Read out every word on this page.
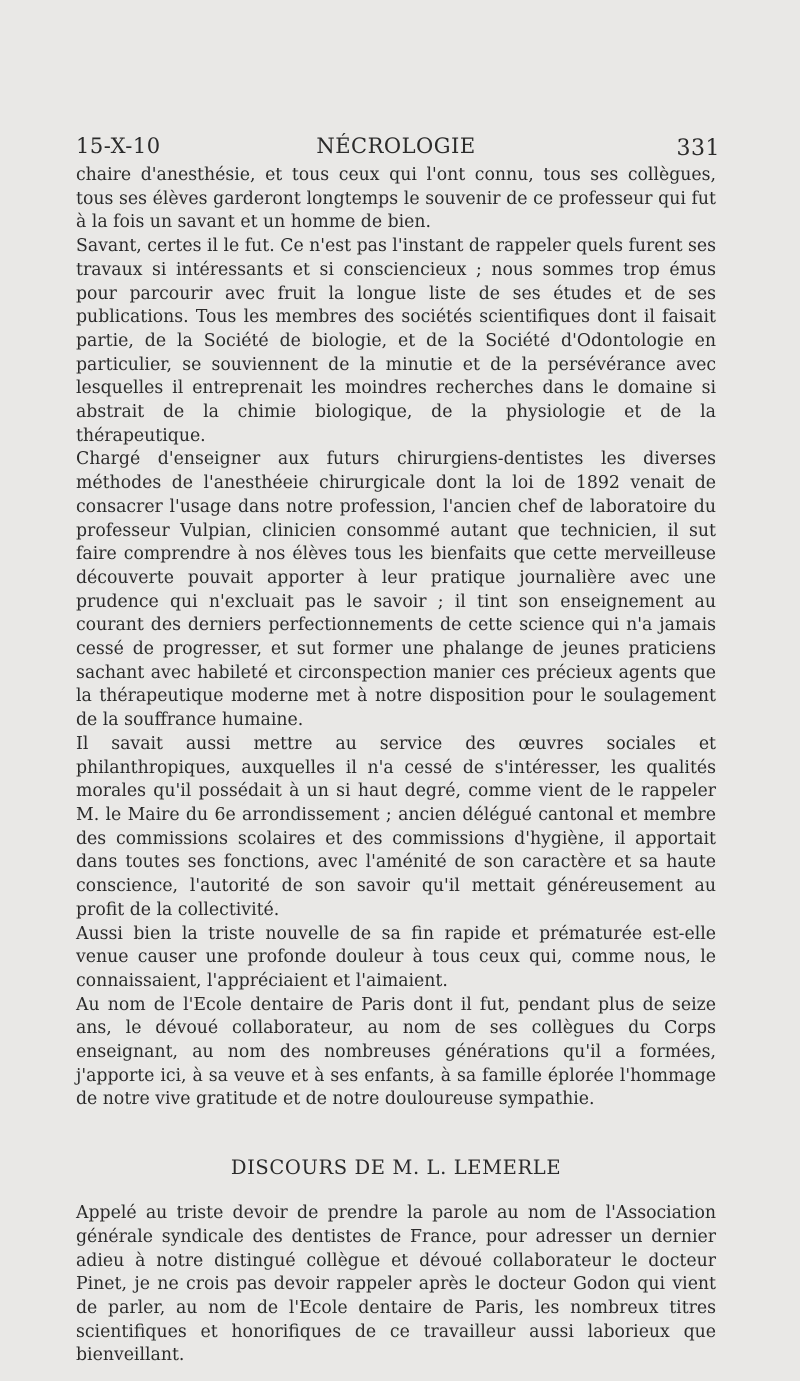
15-X-10	NÉCROLOGIE	331

chaire d'anesthésie, et tous ceux qui l'ont connu, tous ses collègues, tous ses élèves garderont longtemps le souvenir de ce professeur qui fut à la fois un savant et un homme de bien.

Savant, certes il le fut. Ce n'est pas l'instant de rappeler quels furent ses travaux si intéressants et si consciencieux ; nous sommes trop émus pour parcourir avec fruit la longue liste de ses études et de ses publications. Tous les membres des sociétés scientifiques dont il faisait partie, de la Société de biologie, et de la Société d'Odontologie en particulier, se souviennent de la minutie et de la persévérance avec lesquelles il entreprenait les moindres recherches dans le domaine si abstrait de la chimie biologique, de la physiologie et de la thérapeutique.

Chargé d'enseigner aux futurs chirurgiens-dentistes les diverses méthodes de l'anesthéeie chirurgicale dont la loi de 1892 venait de consacrer l'usage dans notre profession, l'ancien chef de laboratoire du professeur Vulpian, clinicien consommé autant que technicien, il sut faire comprendre à nos élèves tous les bienfaits que cette merveilleuse découverte pouvait apporter à leur pratique journalière avec une prudence qui n'excluait pas le savoir ; il tint son enseignement au courant des derniers perfectionnements de cette science qui n'a jamais cessé de progresser, et sut former une phalange de jeunes praticiens sachant avec habileté et circonspection manier ces précieux agents que la thérapeutique moderne met à notre disposition pour le soulagement de la souffrance humaine.

Il savait aussi mettre au service des œuvres sociales et philanthropiques, auxquelles il n'a cessé de s'intéresser, les qualités morales qu'il possédait à un si haut degré, comme vient de le rappeler M. le Maire du 6e arrondissement ; ancien délégué cantonal et membre des commissions scolaires et des commissions d'hygiène, il apportait dans toutes ses fonctions, avec l'aménité de son caractère et sa haute conscience, l'autorité de son savoir qu'il mettait généreusement au profit de la collectivité.

Aussi bien la triste nouvelle de sa fin rapide et prématurée est-elle venue causer une profonde douleur à tous ceux qui, comme nous, le connaissaient, l'appréciaient et l'aimaient.

Au nom de l'Ecole dentaire de Paris dont il fut, pendant plus de seize ans, le dévoué collaborateur, au nom de ses collègues du Corps enseignant, au nom des nombreuses générations qu'il a formées, j'apporte ici, à sa veuve et à ses enfants, à sa famille éplorée l'hommage de notre vive gratitude et de notre douloureuse sympathie.

DISCOURS DE M. L. LEMERLE

Appelé au triste devoir de prendre la parole au nom de l'Association générale syndicale des dentistes de France, pour adresser un dernier adieu à notre distingué collègue et dévoué collaborateur le docteur Pinet, je ne crois pas devoir rappeler après le docteur Godon qui vient de parler, au nom de l'Ecole dentaire de Paris, les nombreux titres scientifiques et honorifiques de ce travailleur aussi laborieux que bienveillant.
